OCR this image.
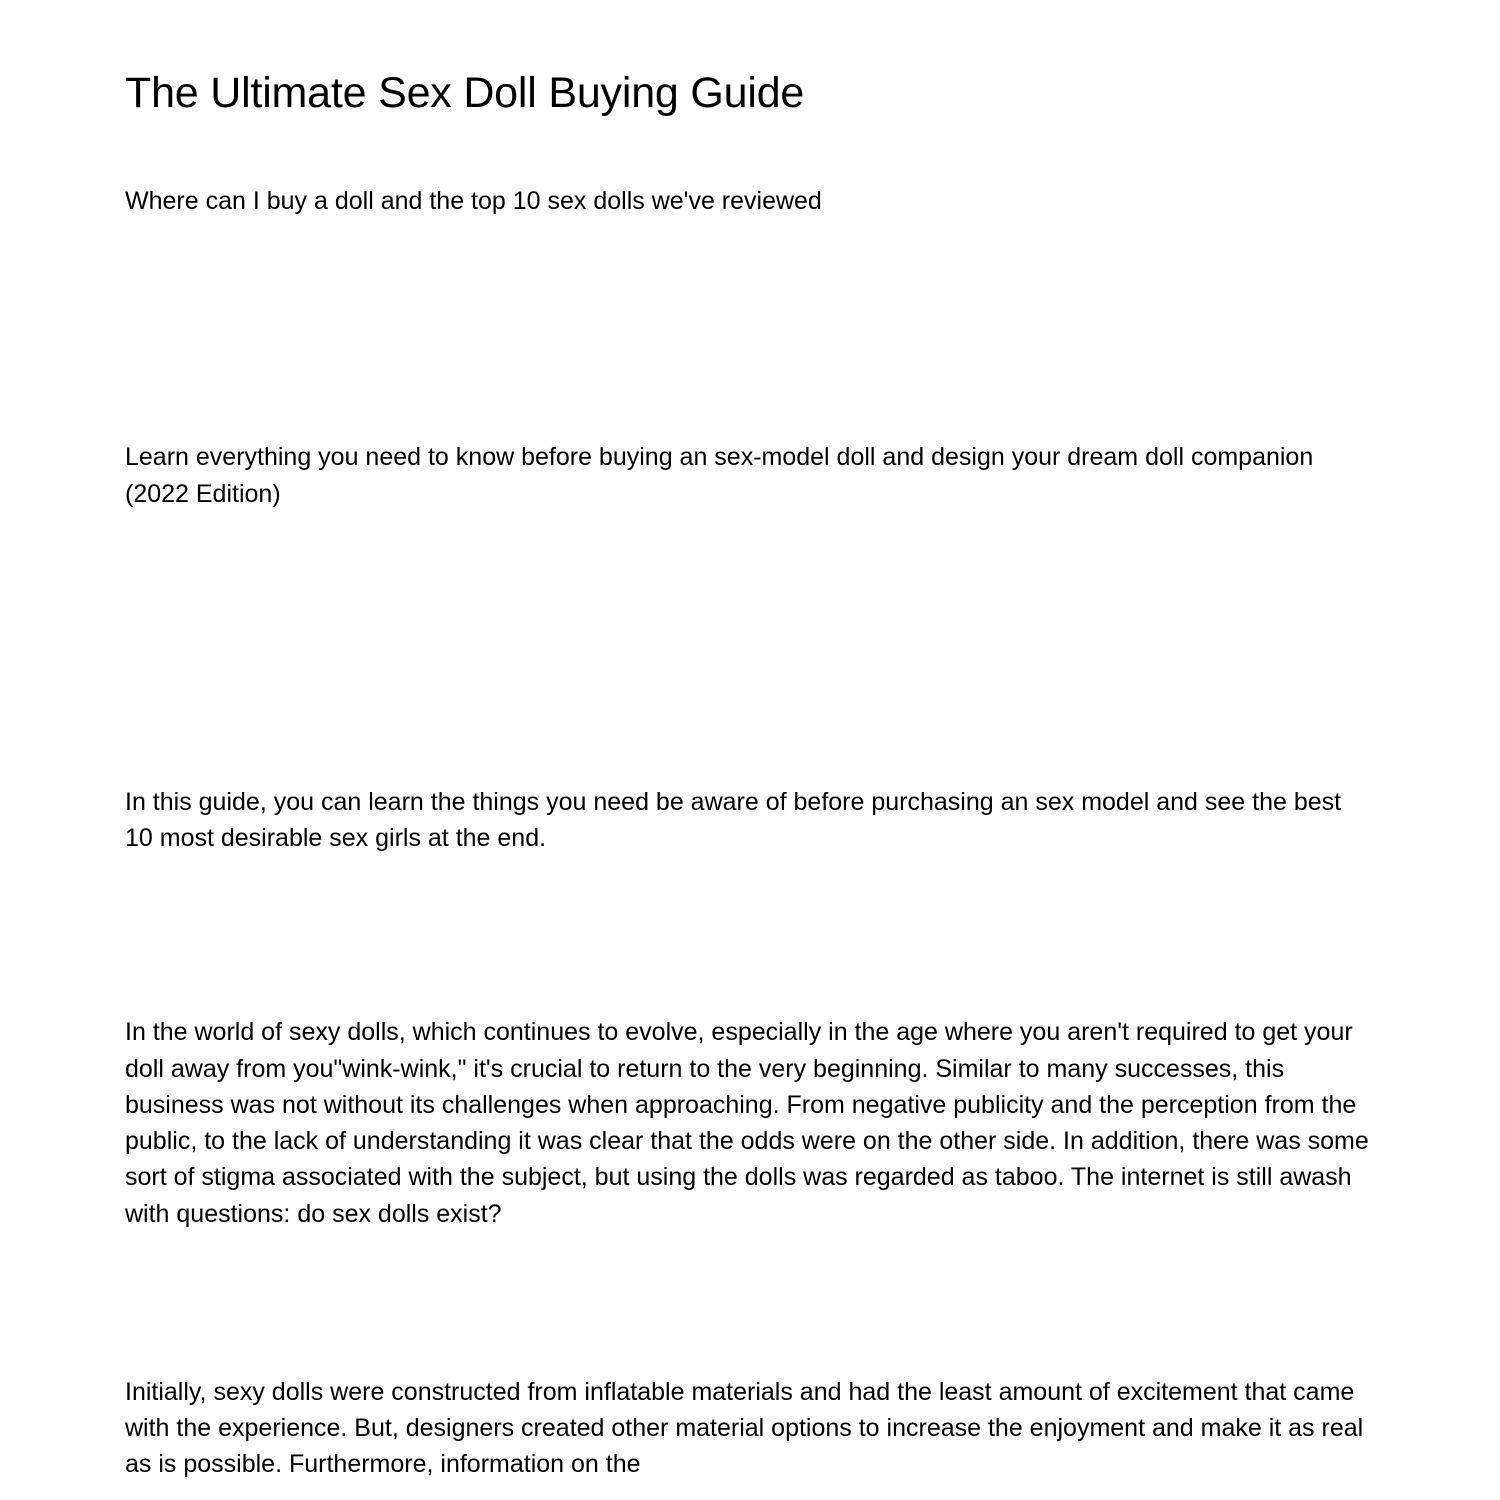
The Ultimate Sex Doll Buying Guide

Where can I buy a doll and the top 10 sex dolls we've reviewed

Learn everything you need to know before buying an sex-model doll and design your dream doll companion (2022 Edition)

In this guide, you can learn the things you need be aware of before purchasing an sex model and see the best 10 most desirable sex girls at the end.

In the world of sexy dolls, which continues to evolve, especially in the age where you aren't required to get your doll away from you"wink-wink," it's crucial to return to the very beginning. Similar to many successes, this business was not without its challenges when approaching. From negative publicity and the perception from the public, to the lack of understanding it was clear that the odds were on the other side. In addition, there was some sort of stigma associated with the subject, but using the dolls was regarded as taboo. The internet is still awash with questions: do sex dolls exist?

Initially, sexy dolls were constructed from inflatable materials and had the least amount of excitement that came with the experience. But, designers created other material options to increase the enjoyment and make it as real as is possible. Furthermore, information on the
